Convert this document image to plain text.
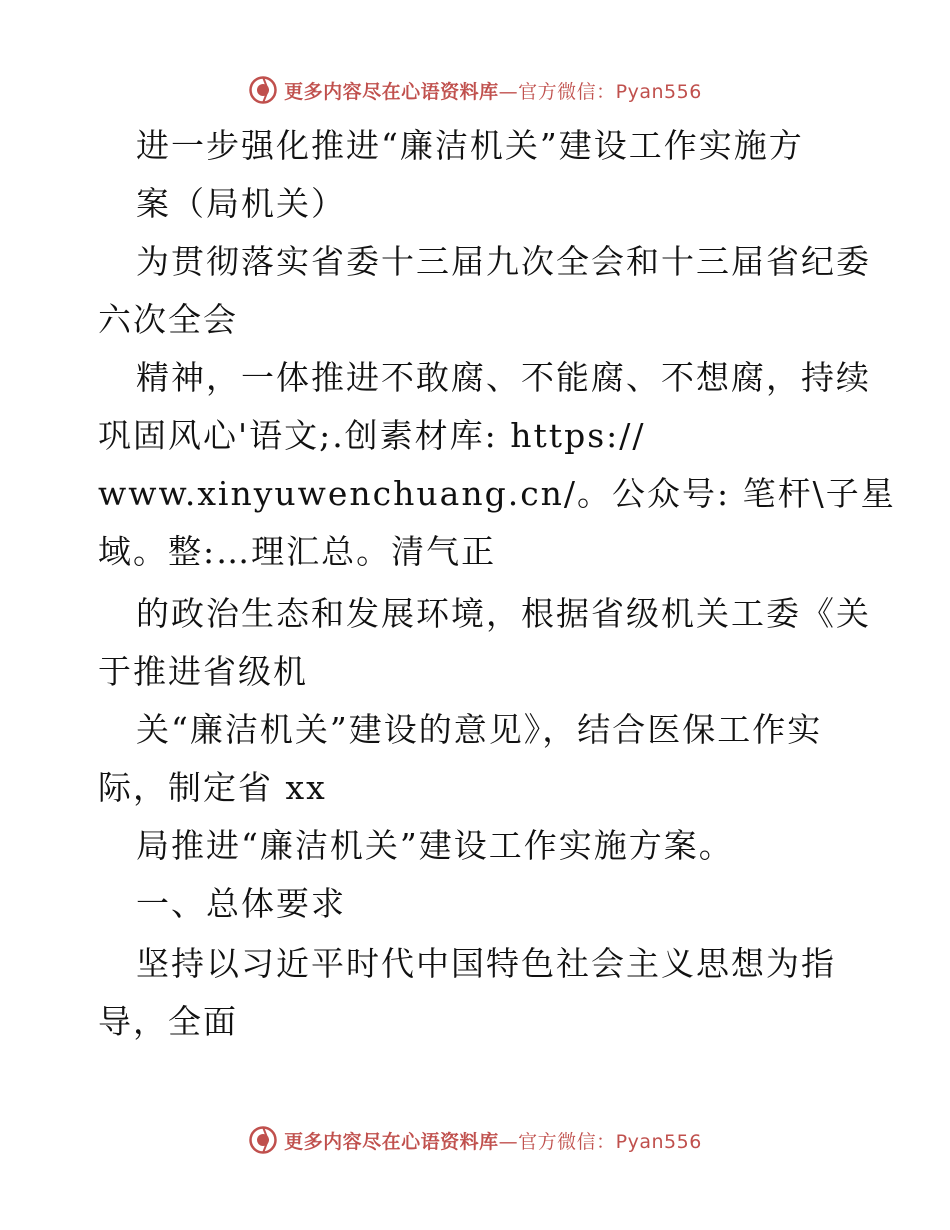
更多内容尽在心语资料库 —官方微信：Pyan556
进一步强化推进“廉洁机关”建设工作实施方
案（局机关）
为贯彻落实省委十三届九次全会和十三届省纪委
六次全会
精神，一体推进不敢腐、不能腐、不想腐，持续
巩固风心'语文;.创素材库: https://
www.xinyuwenchuang.cn/。公众号: 笔杆\子星
域。整:…理汇总。清气正
的政治生态和发展环境，根据省级机关工委《关
于推进省级机
关“廉洁机关”建设的意见》，结合医保工作实
际，制定省 xx
局推进“廉洁机关”建设工作实施方案。
一、总体要求
坚持以习近平时代中国特色社会主义思想为指
导，全面
更多内容尽在心语资料库 —官方微信：Pyan556
